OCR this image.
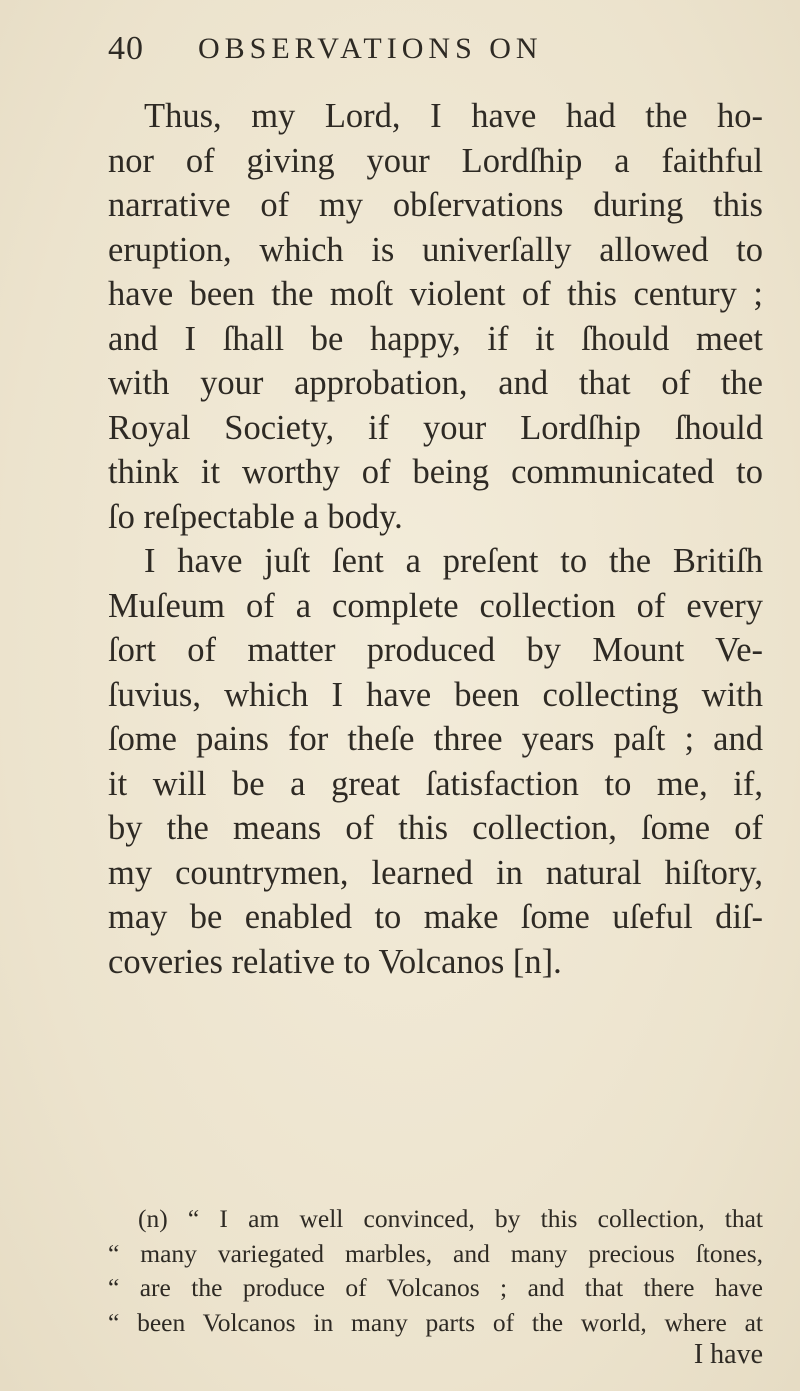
40 OBSERVATIONS ON
Thus, my Lord, I have had the ho-
nor of giving your Lordſhip a faithful
narrative of my obſervations during this
eruption, which is univerſally allowed to
have been the moſt violent of this century ;
and I ſhall be happy, if it ſhould meet
with your approbation, and that of the
Royal Society, if your Lordſhip ſhould
think it worthy of being communicated to
ſo reſpectable a body.
I have juſt ſent a preſent to the Britiſh
Muſeum of a complete collection of every
ſort of matter produced by Mount Ve-
ſuvius, which I have been collecting with
ſome pains for theſe three years paſt ; and
it will be a great ſatisfaction to me, if,
by the means of this collection, ſome of
my countrymen, learned in natural hiſtory,
may be enabled to make ſome uſeful diſ-
coveries relative to Volcanos [n].
(n) “ I am well convinced, by this collection, that
“ many variegated marbles, and many precious ſtones,
“ are the produce of Volcanos ; and that there have
“ been Volcanos in many parts of the world, where at
I have
